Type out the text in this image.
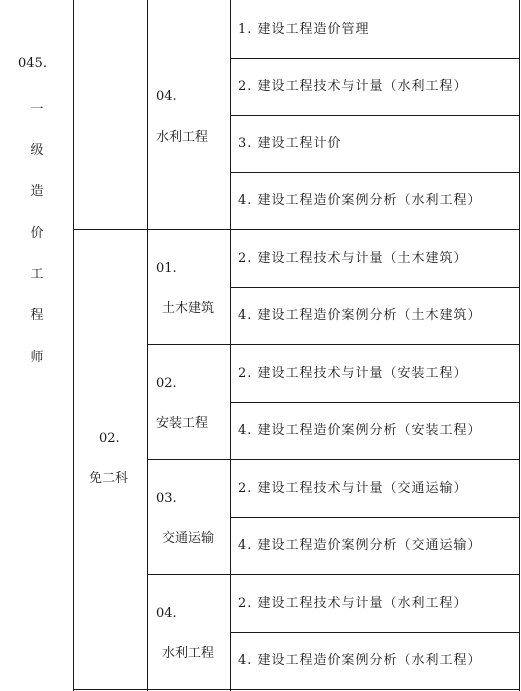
045.
一
级
造
价
工
程
师
02.
免二科
04.
水利工程
01.
土木建筑
02.
安装工程
03.
交通运输
04.
水利工程
1. 建设工程造价管理
2. 建设工程技术与计量（水利工程）
3. 建设工程计价
4. 建设工程造价案例分析（水利工程）
2. 建设工程技术与计量（土木建筑）
4. 建设工程造价案例分析（土木建筑）
2. 建设工程技术与计量（安装工程）
4. 建设工程造价案例分析（安装工程）
2. 建设工程技术与计量（交通运输）
4. 建设工程造价案例分析（交通运输）
2. 建设工程技术与计量（水利工程）
4. 建设工程造价案例分析（水利工程）
